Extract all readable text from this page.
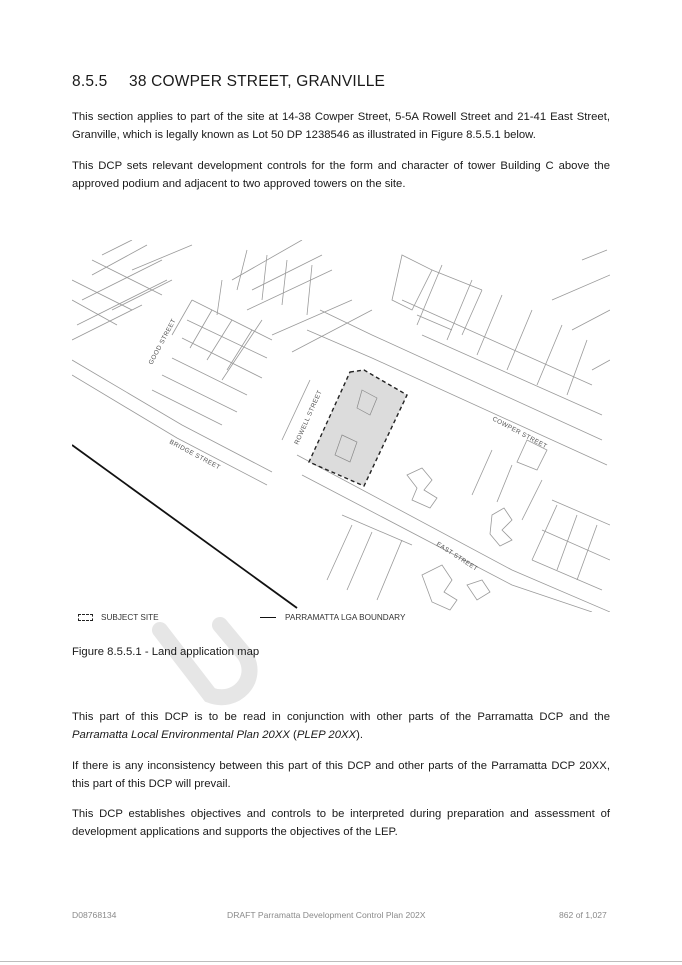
8.5.5 38 COWPER STREET, GRANVILLE

This section applies to part of the site at 14-38 Cowper Street, 5-5A Rowell Street and 21-41 East Street, Granville, which is legally known as Lot 50 DP 1238546 as illustrated in Figure 8.5.5.1 below.

This DCP sets relevant development controls for the form and character of tower Building C above the approved podium and adjacent to two approved towers on the site.

GOOD STREET
ROWELL STREET
BRIDGE STREET
COWPER STREET
EAST STREET
SUBJECT SITE	PARRAMATTA LGA BOUNDARY

Figure 8.5.5.1 - Land application map

This part of this DCP is to be read in conjunction with other parts of the Parramatta DCP and the Parramatta Local Environmental Plan 20XX (PLEP 20XX).

If there is any inconsistency between this part of this DCP and other parts of the Parramatta DCP 20XX, this part of this DCP will prevail.

This DCP establishes objectives and controls to be interpreted during preparation and assessment of development applications and supports the objectives of the LEP.

D08768134	DRAFT Parramatta Development Control Plan 202X	862 of 1,027
